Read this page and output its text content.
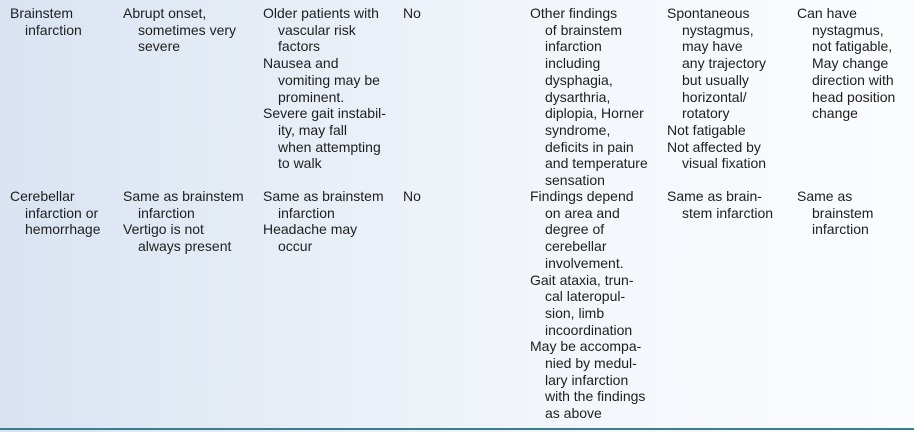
Brainstem
infarction
Abrupt onset,
sometimes very
severe
Older patients with
vascular risk
factors
Nausea and
vomiting may be
prominent.
Severe gait instabil-
ity, may fall
when attempting
to walk
No	Other findings
of brainstem
infarction
including
dysphagia,
dysarthria,
diplopia, Horner
syndrome,
deficits in pain
and temperature
sensation
Spontaneous
nystagmus,
may have
any trajectory
but usually
horizontal/
rotatory
Not fatigable
Not affected by
visual fixation
Can have
nystagmus,
not fatigable,
May change
direction with
head position
change
Cerebellar
infarction or
hemorrhage
Same as brainstem
infarction
Vertigo is not
always present
Same as brainstem
infarction
Headache may
occur
No	Findings depend
on area and
degree of
cerebellar
involvement.
Gait ataxia, trun-
cal lateropul-
sion, limb
incoordination
May be accompa-
nied by medul-
lary infarction
with the findings
as above
Same as brain-
stem infarction
Same as
brainstem
infarction
